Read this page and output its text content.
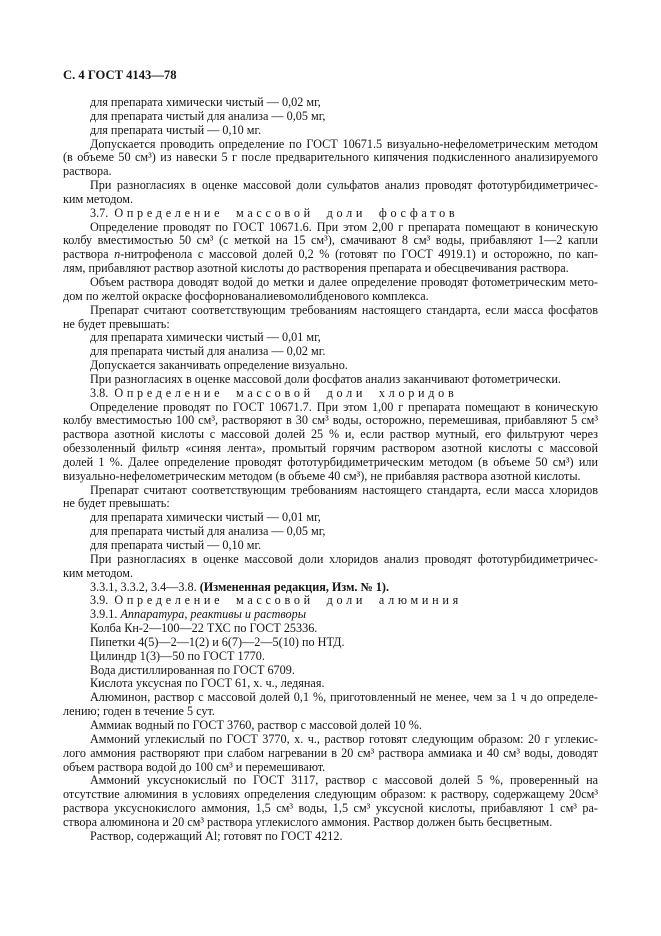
С. 4 ГОСТ 4143—78
для препарата химически чистый — 0,02 мг,
для препарата чистый для анализа — 0,05 мг,
для препарата чистый — 0,10 мг.
Допускается проводить определение по ГОСТ 10671.5 визуально-нефелометрическим методом
(в объеме 50 см³) из навески 5 г после предварительного кипячения подкисленного анализируемого
раствора.
При разногласиях в оценке массовой доли сульфатов анализ проводят фототурбидиметричес-
ким методом.
3.7. Определение массовой доли фосфатов
Определение проводят по ГОСТ 10671.6. При этом 2,00 г препарата помещают в коническую
колбу вместимостью 50 см³ (с меткой на 15 см³), смачивают 8 см³ воды, прибавляют 1—2 капли
раствора n-нитрофенола с массовой долей 0,2 % (готовят по ГОСТ 4919.1) и осторожно, по кап-
лям, прибавляют раствор азотной кислоты до растворения препарата и обесцвечивания раствора.
Объем раствора доводят водой до метки и далее определение проводят фотометрическим мето-
дом по желтой окраске фосфорнованалиевомолибденового комплекса.
Препарат считают соответствующим требованиям настоящего стандарта, если масса фосфатов
не будет превышать:
для препарата химически чистый — 0,01 мг,
для препарата чистый для анализа — 0,02 мг.
Допускается заканчивать определение визуально.
При разногласиях в оценке массовой доли фосфатов анализ заканчивают фотометрически.
3.8. Определение массовой доли хлоридов
Определение проводят по ГОСТ 10671.7. При этом 1,00 г препарата помещают в коническую
колбу вместимостью 100 см³, растворяют в 30 см³ воды, осторожно, перемешивая, прибавляют 5 см³
раствора азотной кислоты с массовой долей 25 % и, если раствор мутный, его фильтруют через
обеззоленный фильтр «синяя лента», промытый горячим раствором азотной кислоты с массовой
долей 1 %. Далее определение проводят фототурбидиметрическим методом (в объеме 50 см³) или
визуально-нефелометрическим методом (в объеме 40 см³), не прибавляя раствора азотной кислоты.
Препарат считают соответствующим требованиям настоящего стандарта, если масса хлоридов
не будет превышать:
для препарата химически чистый — 0,01 мг,
для препарата чистый для анализа — 0,05 мг,
для препарата чистый — 0,10 мг.
При разногласиях в оценке массовой доли хлоридов анализ проводят фототурбидиметричес-
ким методом.
3.3.1, 3.3.2, 3.4—3.8. (Измененная редакция, Изм. № 1).
3.9. Определение массовой доли алюминия
3.9.1. Аппаратура, реактивы и растворы
Колба Кн-2—100—22 ТХС по ГОСТ 25336.
Пипетки 4(5)—2—1(2) и 6(7)—2—5(10) по НТД.
Цилиндр 1(3)—50 по ГОСТ 1770.
Вода дистиллированная по ГОСТ 6709.
Кислота уксусная по ГОСТ 61, х. ч., ледяная.
Алюминон, раствор с массовой долей 0,1 %, приготовленный не менее, чем за 1 ч до определе-
лению; годен в течение 5 сут.
Аммиак водный по ГОСТ 3760, раствор с массовой долей 10 %.
Аммоний углекислый по ГОСТ 3770, х. ч., раствор готовят следующим образом: 20 г углекис-
лого аммония растворяют при слабом нагревании в 20 см³ раствора аммиака и 40 см³ воды, доводят
объем раствора водой до 100 см³ и перемешивают.
Аммоний уксуснокислый по ГОСТ 3117, раствор с массовой долей 5 %, проверенный на
отсутствие алюминия в условиях определения следующим образом: к раствору, содержащему 20см³
раствора уксуснокислого аммония, 1,5 см³ воды, 1,5 см³ уксусной кислоты, прибавляют 1 см³ ра-
створа алюминона и 20 см³ раствора углекислого аммония. Раствор должен быть бесцветным.
Раствор, содержащий Al; готовят по ГОСТ 4212.
